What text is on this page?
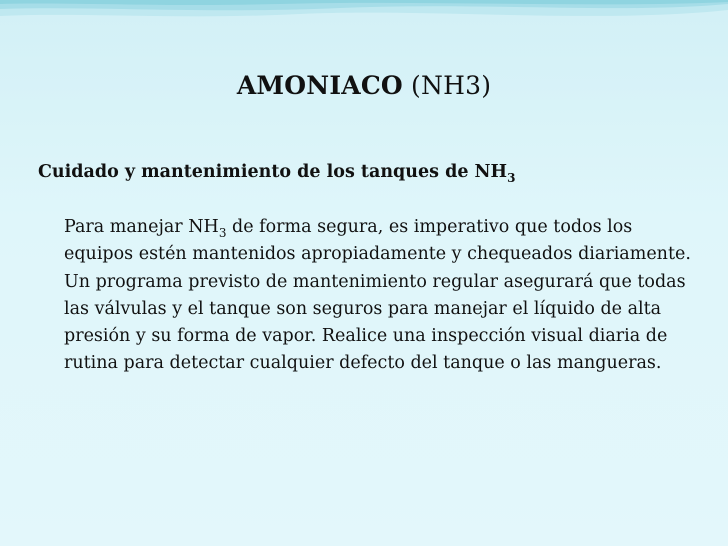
AMONIACO (NH3)
Cuidado y mantenimiento de los tanques de $NH_3$
Para manejar $NH_3$ de forma segura, es imperativo que todos los equipos estén mantenidos apropiadamente y chequeados diariamente. Un programa previsto de mantenimiento regular asegurará que todas las válvulas y el tanque son seguros para manejar el líquido de alta presión y su forma de vapor. Realice una inspección visual diaria de rutina para detectar cualquier defecto del tanque o las mangueras.
